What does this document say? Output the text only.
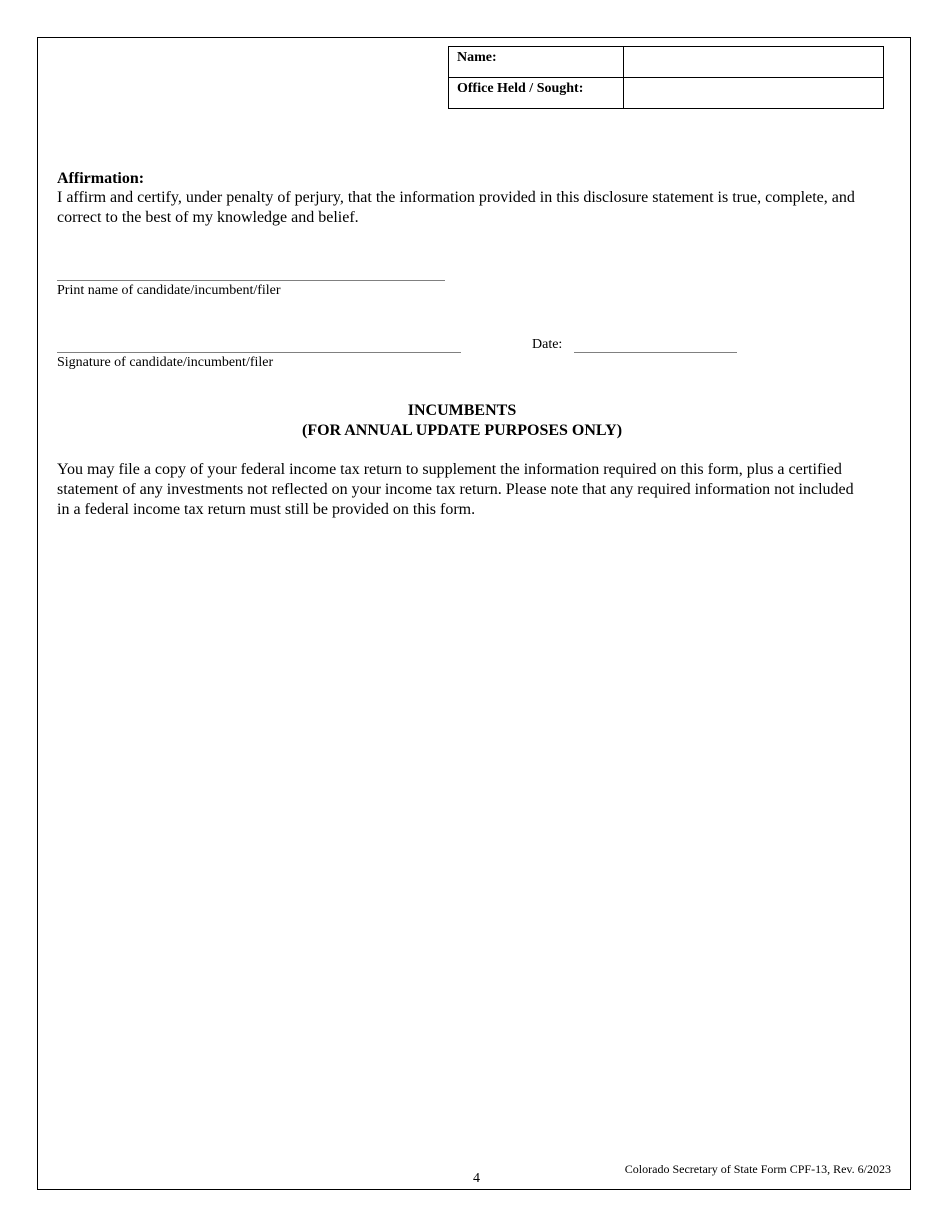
Name:	
Office Held / Sought:	
Affirmation:
I affirm and certify, under penalty of perjury, that the information provided in this disclosure statement is true, complete, and correct to the best of my knowledge and belief.
Print name of candidate/incumbent/filer
Signature of candidate/incumbent/filer
Date:
INCUMBENTS
(FOR ANNUAL UPDATE PURPOSES ONLY)
You may file a copy of your federal income tax return to supplement the information required on this form, plus a certified statement of any investments not reflected on your income tax return. Please note that any required information not included in a federal income tax return must still be provided on this form.
Colorado Secretary of State Form CPF-13, Rev. 6/2023
4
